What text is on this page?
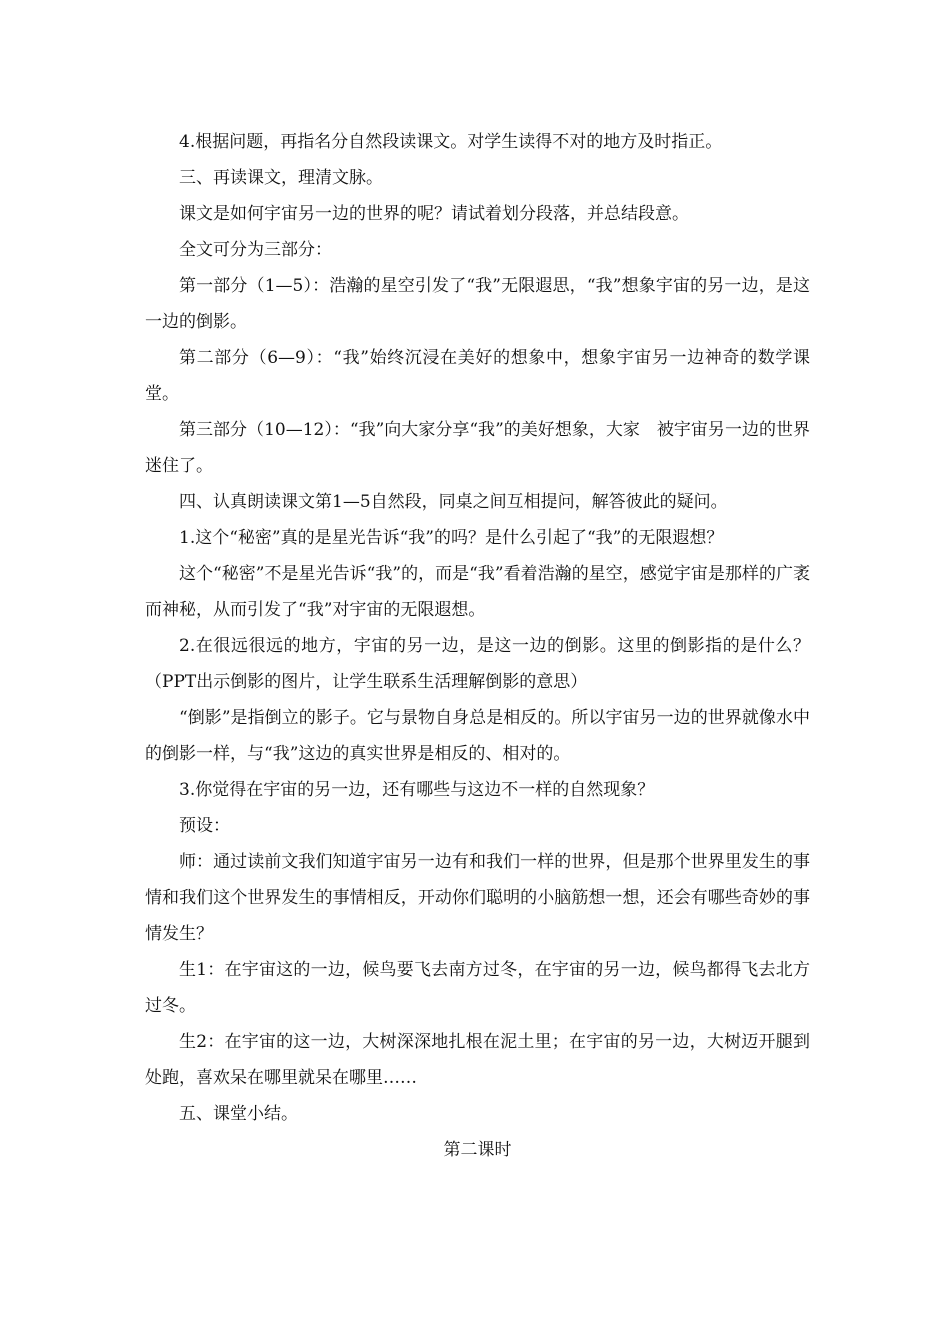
4.根据问题，再指名分自然段读课文。对学生读得不对的地方及时指正。

三、再读课文，理清文脉。

课文是如何宇宙另一边的世界的呢？请试着划分段落，并总结段意。

全文可分为三部分：

第一部分（1—5）：浩瀚的星空引发了“我”无限遐思，“我”想象宇宙的另一边，是这一边的倒影。

第二部分（6—9）：“我”始终沉浸在美好的想象中，想象宇宙另一边神奇的数学课堂。

第三部分（10—12）：“我”向大家分享“我”的美好想象，大家　被宇宙另一边的世界迷住了。

四、认真朗读课文第1—5自然段，同桌之间互相提问，解答彼此的疑问。

1.这个“秘密”真的是星光告诉“我”的吗？是什么引起了“我”的无限遐想？

这个“秘密”不是星光告诉“我”的，而是“我”看着浩瀚的星空，感觉宇宙是那样的广袤而神秘，从而引发了“我”对宇宙的无限遐想。

2.在很远很远的地方，宇宙的另一边，是这一边的倒影。这里的倒影指的是什么？（PPT出示倒影的图片，让学生联系生活理解倒影的意思）

“倒影”是指倒立的影子。它与景物自身总是相反的。所以宇宙另一边的世界就像水中的倒影一样，与“我”这边的真实世界是相反的、相对的。

3.你觉得在宇宙的另一边，还有哪些与这边不一样的自然现象？

预设：

师：通过读前文我们知道宇宙另一边有和我们一样的世界，但是那个世界里发生的事情和我们这个世界发生的事情相反，开动你们聪明的小脑筋想一想，还会有哪些奇妙的事情发生？

生1：在宇宙这的一边，候鸟要飞去南方过冬，在宇宙的另一边，候鸟都得飞去北方过冬。

生2：在宇宙的这一边，大树深深地扎根在泥土里；在宇宙的另一边，大树迈开腿到处跑，喜欢呆在哪里就呆在哪里……

五、课堂小结。

第二课时
